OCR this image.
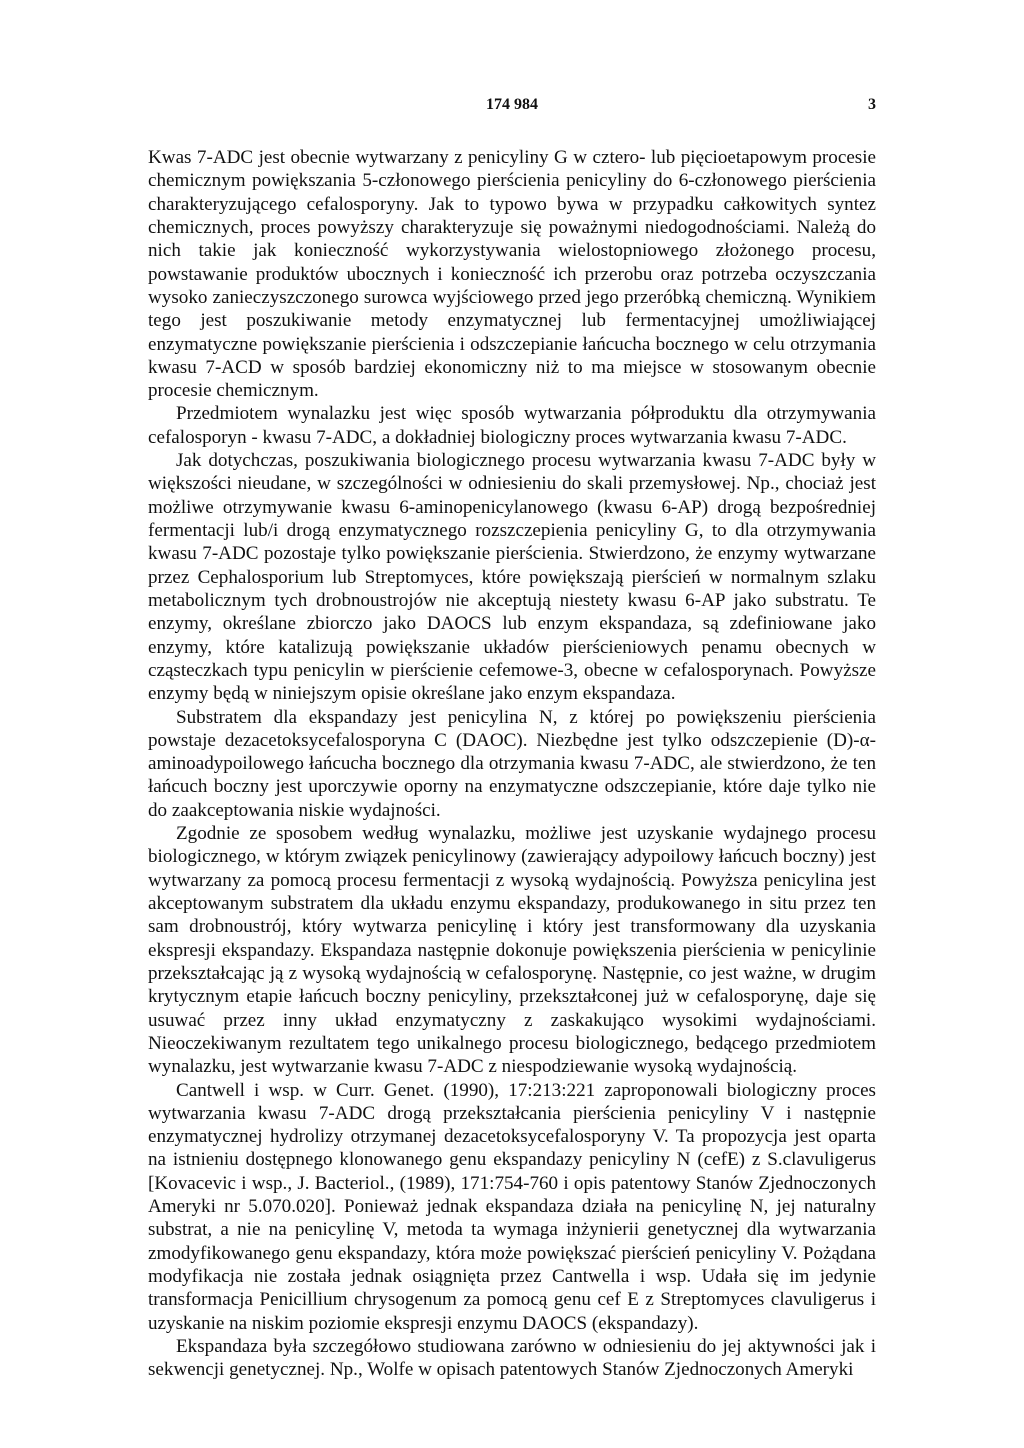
174 984	3

Kwas 7-ADC jest obecnie wytwarzany z penicyliny G w cztero- lub pięcioetapowym procesie chemicznym powiększania 5-członowego pierścienia penicyliny do 6-członowego pierścienia charakteryzującego cefalosporyny. Jak to typowo bywa w przypadku całkowitych syntez chemicznych, proces powyższy charakteryzuje się poważnymi niedogodnościami. Należą do nich takie jak konieczność wykorzystywania wielostopniowego złożonego procesu, powstawanie produktów ubocznych i konieczność ich przerobu oraz potrzeba oczyszczania wysoko zanieczyszczonego surowca wyjściowego przed jego przeróbką chemiczną. Wynikiem tego jest poszukiwanie metody enzymatycznej lub fermentacyjnej umożliwiającej enzymatyczne powiększanie pierścienia i odszczepianie łańcucha bocznego w celu otrzymania kwasu 7-ACD w sposób bardziej ekonomiczny niż to ma miejsce w stosowanym obecnie procesie chemicznym.

Przedmiotem wynalazku jest więc sposób wytwarzania półproduktu dla otrzymywania cefalosporyn - kwasu 7-ADC, a dokładniej biologiczny proces wytwarzania kwasu 7-ADC.

Jak dotychczas, poszukiwania biologicznego procesu wytwarzania kwasu 7-ADC były w większości nieudane, w szczególności w odniesieniu do skali przemysłowej. Np., chociaż jest możliwe otrzymywanie kwasu 6-aminopenicylanowego (kwasu 6-AP) drogą bezpośredniej fermentacji lub/i drogą enzymatycznego rozszczepienia penicyliny G, to dla otrzymywania kwasu 7-ADC pozostaje tylko powiększanie pierścienia. Stwierdzono, że enzymy wytwarzane przez Cephalosporium lub Streptomyces, które powiększają pierścień w normalnym szlaku metabolicznym tych drobnoustrojów nie akceptują niestety kwasu 6-AP jako substratu. Te enzymy, określane zbiorczo jako DAOCS lub enzym ekspandaza, są zdefiniowane jako enzymy, które katalizują powiększanie układów pierścieniowych penamu obecnych w cząsteczkach typu penicylin w pierścienie cefemowe-3, obecne w cefalosporynach. Powyższe enzymy będą w niniejszym opisie określane jako enzym ekspandaza.

Substratem dla ekspandazy jest penicylina N, z której po powiększeniu pierścienia powstaje dezacetoksycefalosporyna C (DAOC). Niezbędne jest tylko odszczepienie (D)-α-aminoadypoilowego łańcucha bocznego dla otrzymania kwasu 7-ADC, ale stwierdzono, że ten łańcuch boczny jest uporczywie oporny na enzymatyczne odszczepianie, które daje tylko nie do zaakceptowania niskie wydajności.

Zgodnie ze sposobem według wynalazku, możliwe jest uzyskanie wydajnego procesu biologicznego, w którym związek penicylinowy (zawierający adypoilowy łańcuch boczny) jest wytwarzany za pomocą procesu fermentacji z wysoką wydajnością. Powyższa penicylina jest akceptowanym substratem dla układu enzymu ekspandazy, produkowanego in situ przez ten sam drobnoustrój, który wytwarza penicylinę i który jest transformowany dla uzyskania ekspresji ekspandazy. Ekspandaza następnie dokonuje powiększenia pierścienia w penicylinie przekształcając ją z wysoką wydajnością w cefalosporynę. Następnie, co jest ważne, w drugim krytycznym etapie łańcuch boczny penicyliny, przekształconej już w cefalosporynę, daje się usuwać przez inny układ enzymatyczny z zaskakująco wysokimi wydajnościami. Nieoczekiwanym rezultatem tego unikalnego procesu biologicznego, bedącego przedmiotem wynalazku, jest wytwarzanie kwasu 7-ADC z niespodziewanie wysoką wydajnością.

Cantwell i wsp. w Curr. Genet. (1990), 17:213:221 zaproponowali biologiczny proces wytwarzania kwasu 7-ADC drogą przekształcania pierścienia penicyliny V i następnie enzymatycznej hydrolizy otrzymanej dezacetoksycefalosporyny V. Ta propozycja jest oparta na istnieniu dostępnego klonowanego genu ekspandazy penicyliny N (cefE) z S.clavuligerus [Kovacevic i wsp., J. Bacteriol., (1989), 171:754-760 i opis patentowy Stanów Zjednoczonych Ameryki nr 5.070.020]. Ponieważ jednak ekspandaza działa na penicylinę N, jej naturalny substrat, a nie na penicylinę V, metoda ta wymaga inżynierii genetycznej dla wytwarzania zmodyfikowanego genu ekspandazy, która może powiększać pierścień penicyliny V. Pożądana modyfikacja nie została jednak osiągnięta przez Cantwella i wsp. Udała się im jedynie transformacja Penicillium chrysogenum za pomocą genu cef E z Streptomyces clavuligerus i uzyskanie na niskim poziomie ekspresji enzymu DAOCS (ekspandazy).

Ekspandaza była szczegółowo studiowana zarówno w odniesieniu do jej aktywności jak i sekwencji genetycznej. Np., Wolfe w opisach patentowych Stanów Zjednoczonych Ameryki
